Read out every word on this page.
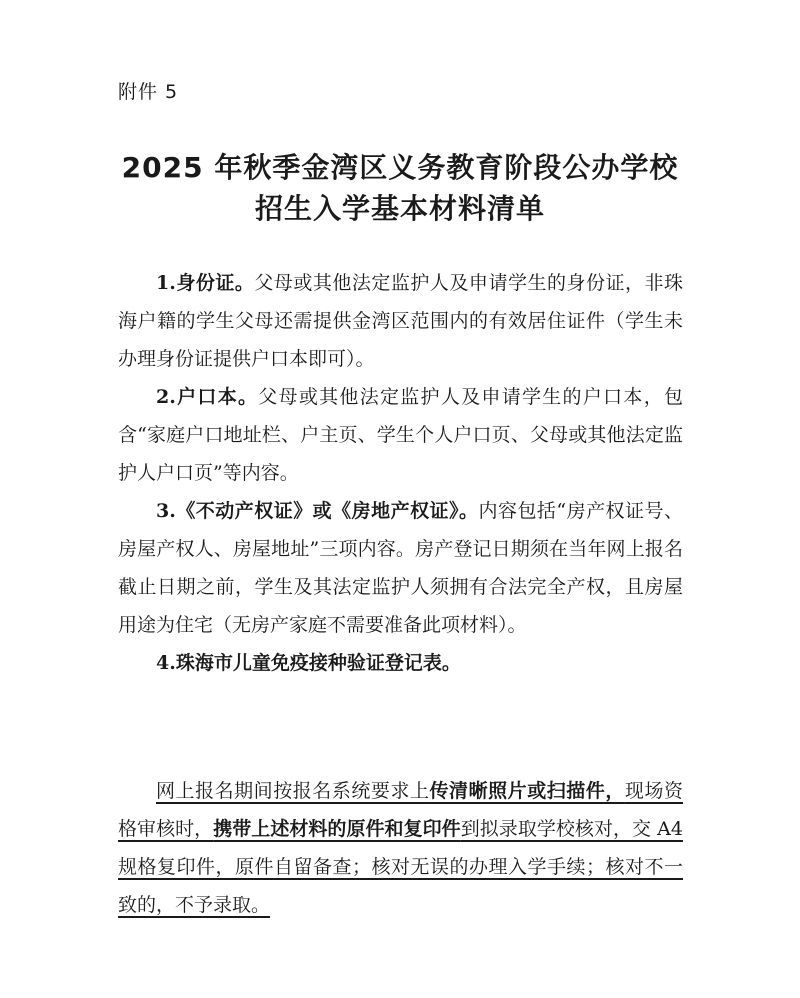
附件 5
2025 年秋季金湾区义务教育阶段公办学校
招生入学基本材料清单

1.身份证。父母或其他法定监护人及申请学生的身份证，非珠海户籍的学生父母还需提供金湾区范围内的有效居住证件（学生未办理身份证提供户口本即可）。

2.户口本。父母或其他法定监护人及申请学生的户口本，包含“家庭户口地址栏、户主页、学生个人户口页、父母或其他法定监护人户口页”等内容。

3.《不动产权证》或《房地产权证》。内容包括“房产权证号、房屋产权人、房屋地址”三项内容。房产登记日期须在当年网上报名截止日期之前，学生及其法定监护人须拥有合法完全产权，且房屋用途为住宅（无房产家庭不需要准备此项材料）。

4.珠海市儿童免疫接种验证登记表。

网上报名期间按报名系统要求上传清晰照片或扫描件，现场资格审核时，携带上述材料的原件和复印件到拟录取学校核对，交 A4 规格复印件，原件自留备查；核对无误的办理入学手续；核对不一致的，不予录取。
